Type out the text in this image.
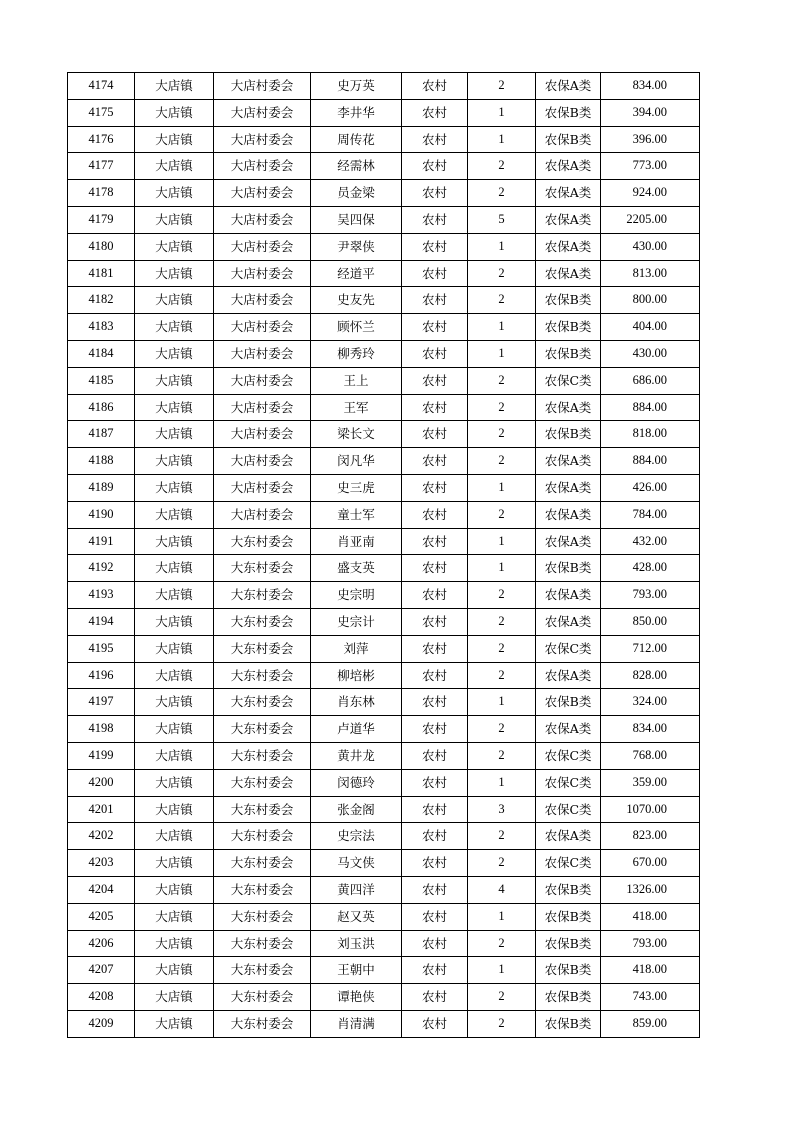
4174	大店镇	大店村委会	史万英	农村	2	农保A类	834.00
4175	大店镇	大店村委会	李井华	农村	1	农保B类	394.00
4176	大店镇	大店村委会	周传花	农村	1	农保B类	396.00
4177	大店镇	大店村委会	经需林	农村	2	农保A类	773.00
4178	大店镇	大店村委会	员金梁	农村	2	农保A类	924.00
4179	大店镇	大店村委会	吴四保	农村	5	农保A类	2205.00
4180	大店镇	大店村委会	尹翠侠	农村	1	农保A类	430.00
4181	大店镇	大店村委会	经道平	农村	2	农保A类	813.00
4182	大店镇	大店村委会	史友先	农村	2	农保B类	800.00
4183	大店镇	大店村委会	顾怀兰	农村	1	农保B类	404.00
4184	大店镇	大店村委会	柳秀玲	农村	1	农保B类	430.00
4185	大店镇	大店村委会	王上	农村	2	农保C类	686.00
4186	大店镇	大店村委会	王军	农村	2	农保A类	884.00
4187	大店镇	大店村委会	梁长文	农村	2	农保B类	818.00
4188	大店镇	大店村委会	闵凡华	农村	2	农保A类	884.00
4189	大店镇	大店村委会	史三虎	农村	1	农保A类	426.00
4190	大店镇	大店村委会	童士军	农村	2	农保A类	784.00
4191	大店镇	大东村委会	肖亚南	农村	1	农保A类	432.00
4192	大店镇	大东村委会	盛支英	农村	1	农保B类	428.00
4193	大店镇	大东村委会	史宗明	农村	2	农保A类	793.00
4194	大店镇	大东村委会	史宗计	农村	2	农保A类	850.00
4195	大店镇	大东村委会	刘萍	农村	2	农保C类	712.00
4196	大店镇	大东村委会	柳培彬	农村	2	农保A类	828.00
4197	大店镇	大东村委会	肖东林	农村	1	农保B类	324.00
4198	大店镇	大东村委会	卢道华	农村	2	农保A类	834.00
4199	大店镇	大东村委会	黄井龙	农村	2	农保C类	768.00
4200	大店镇	大东村委会	闵德玲	农村	1	农保C类	359.00
4201	大店镇	大东村委会	张金阁	农村	3	农保C类	1070.00
4202	大店镇	大东村委会	史宗法	农村	2	农保A类	823.00
4203	大店镇	大东村委会	马文侠	农村	2	农保C类	670.00
4204	大店镇	大东村委会	黄四洋	农村	4	农保B类	1326.00
4205	大店镇	大东村委会	赵又英	农村	1	农保B类	418.00
4206	大店镇	大东村委会	刘玉洪	农村	2	农保B类	793.00
4207	大店镇	大东村委会	王朝中	农村	1	农保B类	418.00
4208	大店镇	大东村委会	谭艳侠	农村	2	农保B类	743.00
4209	大店镇	大东村委会	肖清满	农村	2	农保B类	859.00
